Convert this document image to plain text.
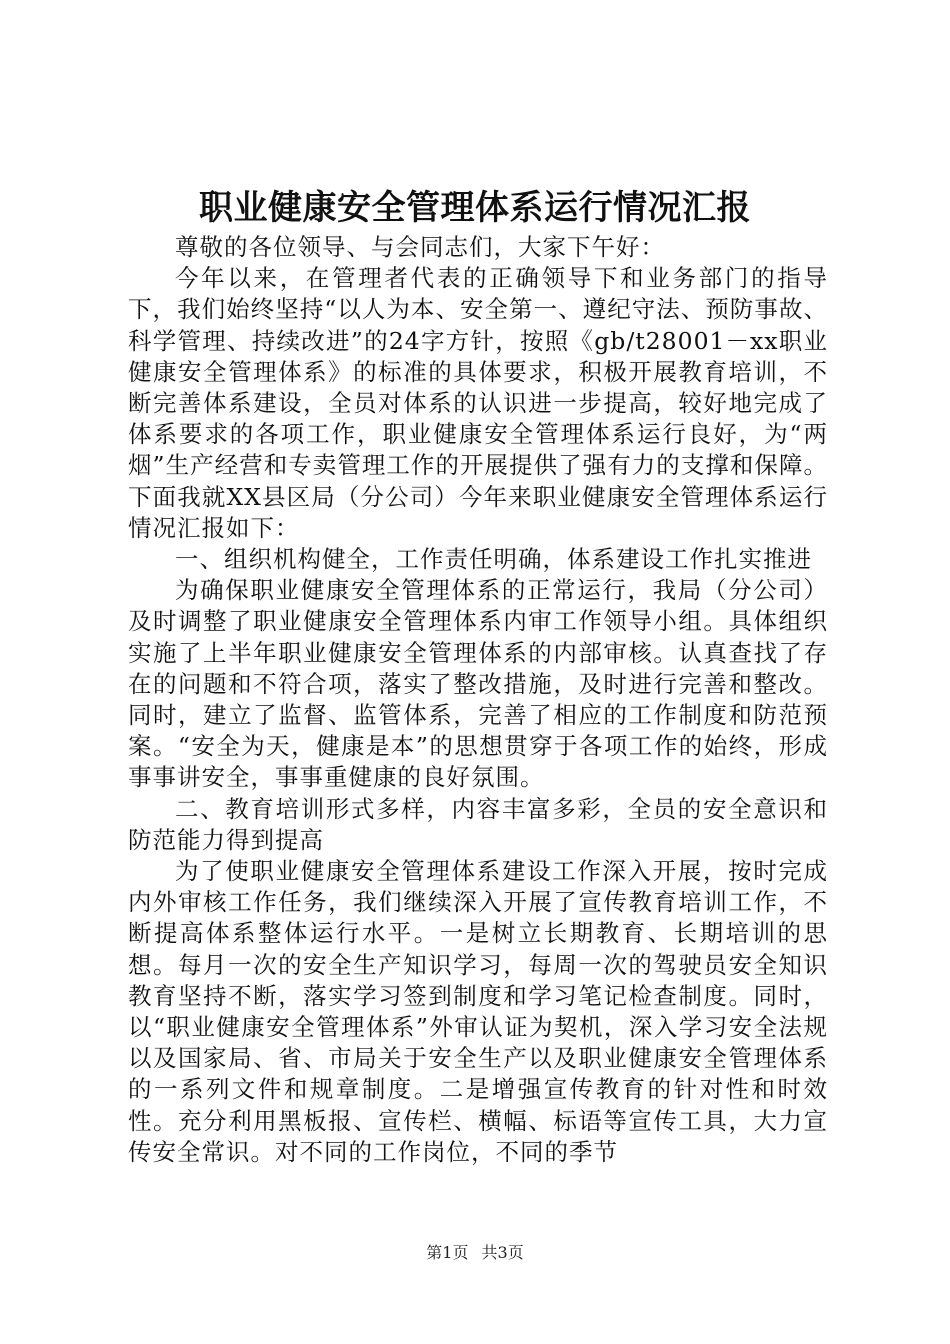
职业健康安全管理体系运行情况汇报

尊敬的各位领导、与会同志们，大家下午好：

今年以来，在管理者代表的正确领导下和业务部门的指导下，我们始终坚持“以人为本、安全第一、遵纪守法、预防事故、科学管理、持续改进”的24字方针，按照《gb/t28001－xx职业健康安全管理体系》的标准的具体要求，积极开展教育培训，不断完善体系建设，全员对体系的认识进一步提高，较好地完成了体系要求的各项工作，职业健康安全管理体系运行良好，为“两烟”生产经营和专卖管理工作的开展提供了强有力的支撑和保障。下面我就XX县区局（分公司）今年来职业健康安全管理体系运行情况汇报如下：

一、组织机构健全，工作责任明确，体系建设工作扎实推进

为确保职业健康安全管理体系的正常运行，我局（分公司）及时调整了职业健康安全管理体系内审工作领导小组。具体组织实施了上半年职业健康安全管理体系的内部审核。认真查找了存在的问题和不符合项，落实了整改措施，及时进行完善和整改。同时，建立了监督、监管体系，完善了相应的工作制度和防范预案。“安全为天，健康是本”的思想贯穿于各项工作的始终，形成事事讲安全，事事重健康的良好氛围。

二、教育培训形式多样，内容丰富多彩，全员的安全意识和防范能力得到提高

为了使职业健康安全管理体系建设工作深入开展，按时完成内外审核工作任务，我们继续深入开展了宣传教育培训工作，不断提高体系整体运行水平。一是树立长期教育、长期培训的思想。每月一次的安全生产知识学习，每周一次的驾驶员安全知识教育坚持不断，落实学习签到制度和学习笔记检查制度。同时，以“职业健康安全管理体系”外审认证为契机，深入学习安全法规以及国家局、省、市局关于安全生产以及职业健康安全管理体系的一系列文件和规章制度。二是增强宣传教育的针对性和时效性。充分利用黑板报、宣传栏、横幅、标语等宣传工具，大力宣传安全常识。对不同的工作岗位，不同的季节

第1页 共3页
